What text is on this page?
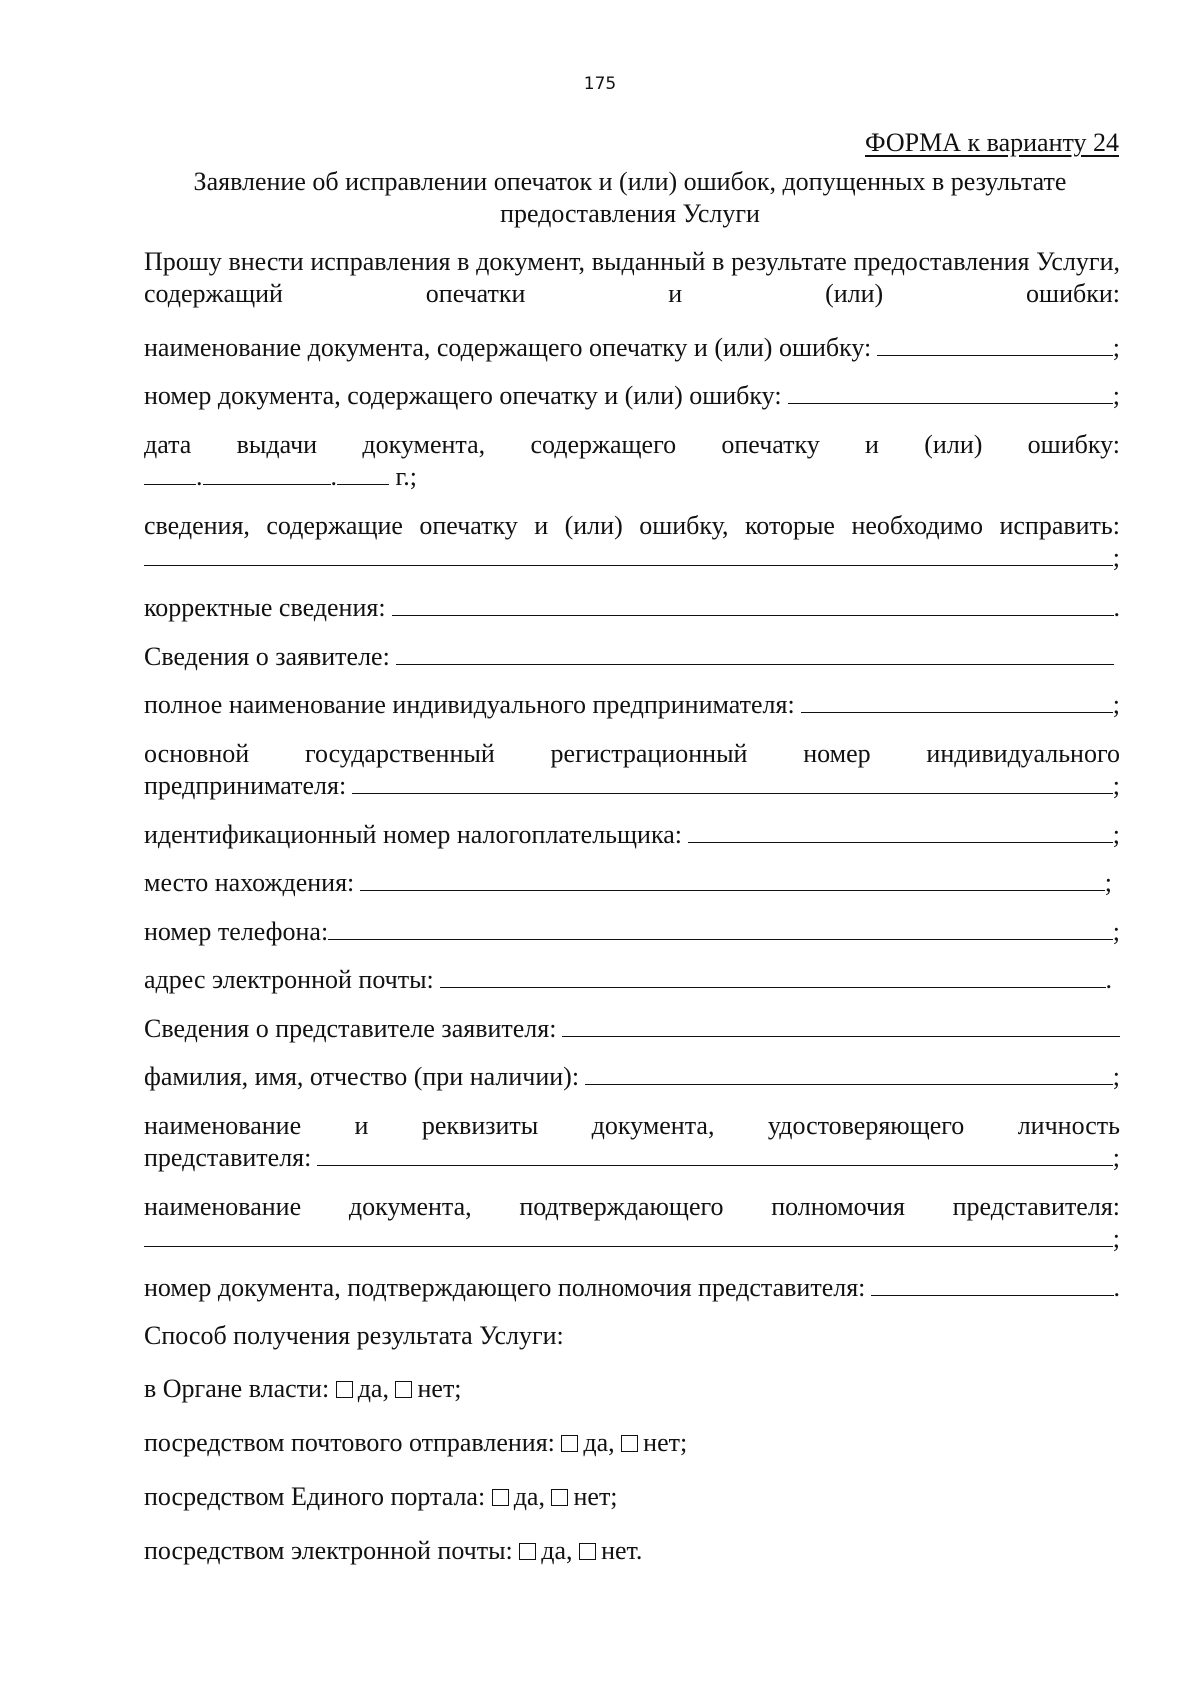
175
ФОРМА к варианту 24
Заявление об исправлении опечаток и (или) ошибок, допущенных в результате предоставления Услуги

Прошу внести исправления в документ, выданный в результате предоставления Услуги, содержащий опечатки и (или) ошибки:

наименование документа, содержащего опечатку и (или) ошибку:	;
номер документа, содержащего опечатку и (или) ошибку:	;
дата выдачи документа, содержащего опечатку и (или) ошибку:
.	. г.;
сведения, содержащие опечатку и (или) ошибку, которые необходимо исправить:
;
корректные сведения:	.
Сведения о заявителе:
полное наименование индивидуального предпринимателя:	;
основной государственный регистрационный номер индивидуального
предпринимателя:	;
идентификационный номер налогоплательщика:	;
место нахождения:	;
номер телефона:	;
адрес электронной почты:	.
Сведения о представителе заявителя:
фамилия, имя, отчество (при наличии):	;
наименование и реквизиты документа, удостоверяющего личность
представителя:	;
наименование документа, подтверждающего полномочия представителя:
;
номер документа, подтверждающего полномочия представителя:	.
Способ получения результата Услуги:
в Органе власти: да, нет;
посредством почтового отправления: да, нет;
посредством Единого портала: да, нет;
посредством электронной почты: да, нет.
